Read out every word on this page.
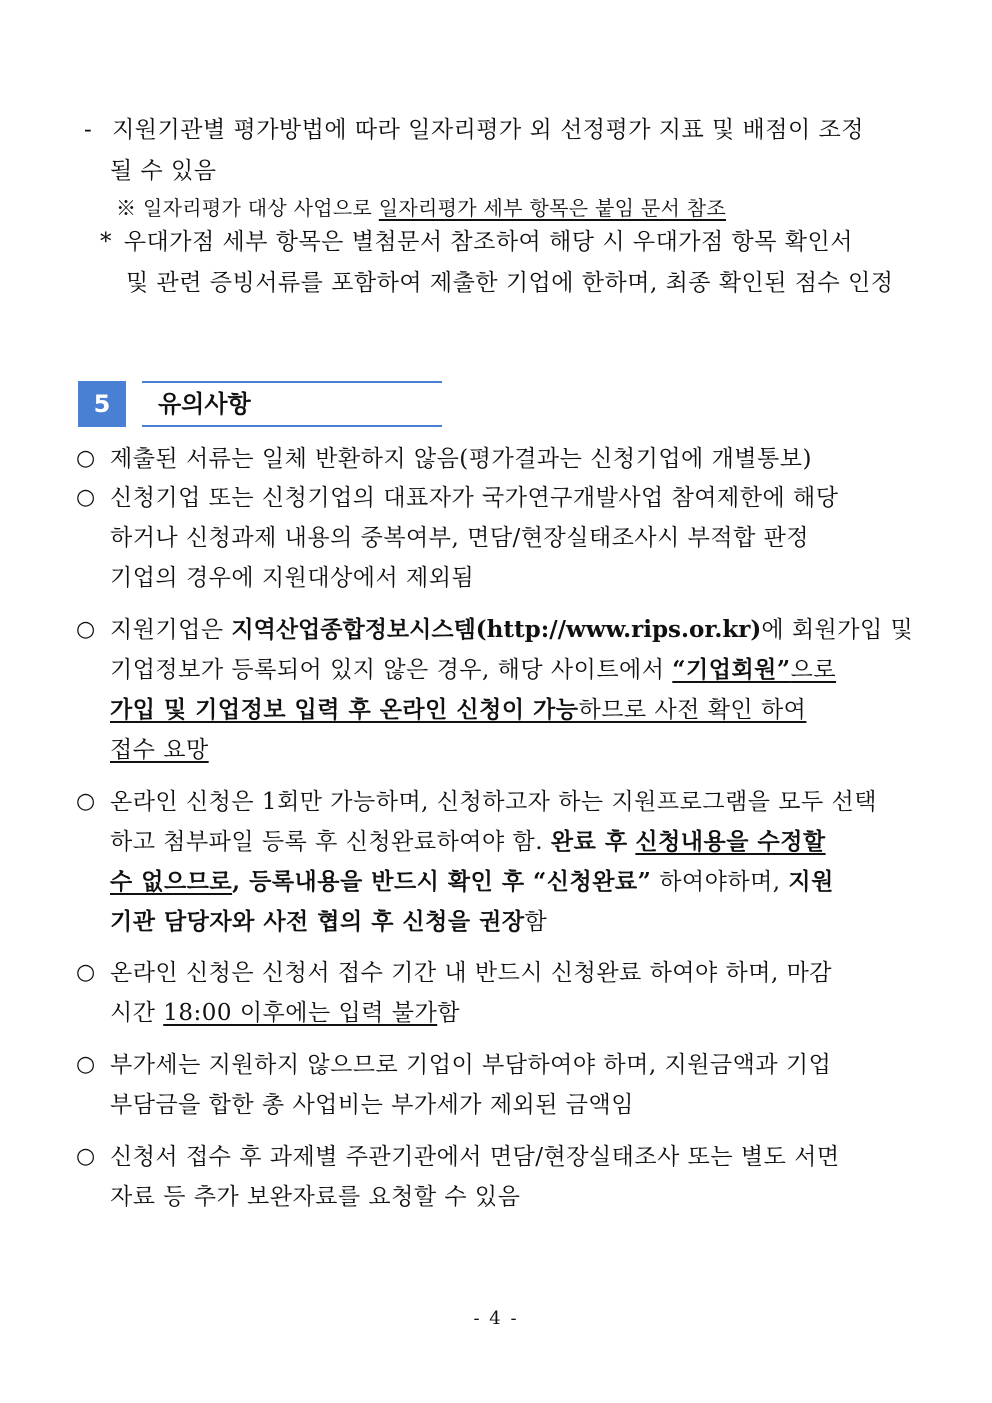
- 지원기관별 평가방법에 따라 일자리평가 외 선정평가 지표 및 배점이 조정
될 수 있음
※ 일자리평가 대상 사업으로 일자리평가 세부 항목은 붙임 문서 참조
* 우대가점 세부 항목은 별첨문서 참조하여 해당 시 우대가점 항목 확인서
및 관련 증빙서류를 포함하여 제출한 기업에 한하며, 최종 확인된 점수 인정
5	유의사항
○ 제출된 서류는 일체 반환하지 않음(평가결과는 신청기업에 개별통보)
○ 신청기업 또는 신청기업의 대표자가 국가연구개발사업 참여제한에 해당
하거나 신청과제 내용의 중복여부, 면담/현장실태조사시 부적합 판정
기업의 경우에 지원대상에서 제외됨
○ 지원기업은 지역산업종합정보시스템(http://www.rips.or.kr)에 회원가입 및
기업정보가 등록되어 있지 않은 경우, 해당 사이트에서 “기업회원”으로
가입 및 기업정보 입력 후 온라인 신청이 가능하므로 사전 확인 하여
접수 요망
○ 온라인 신청은 1회만 가능하며, 신청하고자 하는 지원프로그램을 모두 선택
하고 첨부파일 등록 후 신청완료하여야 함. 완료 후 신청내용을 수정할
수 없으므로, 등록내용을 반드시 확인 후 “신청완료” 하여야하며, 지원
기관 담당자와 사전 협의 후 신청을 권장함
○ 온라인 신청은 신청서 접수 기간 내 반드시 신청완료 하여야 하며, 마감
시간 18:00 이후에는 입력 불가함
○ 부가세는 지원하지 않으므로 기업이 부담하여야 하며, 지원금액과 기업
부담금을 합한 총 사업비는 부가세가 제외된 금액임
○ 신청서 접수 후 과제별 주관기관에서 면담/현장실태조사 또는 별도 서면
자료 등 추가 보완자료를 요청할 수 있음
- 4 -
